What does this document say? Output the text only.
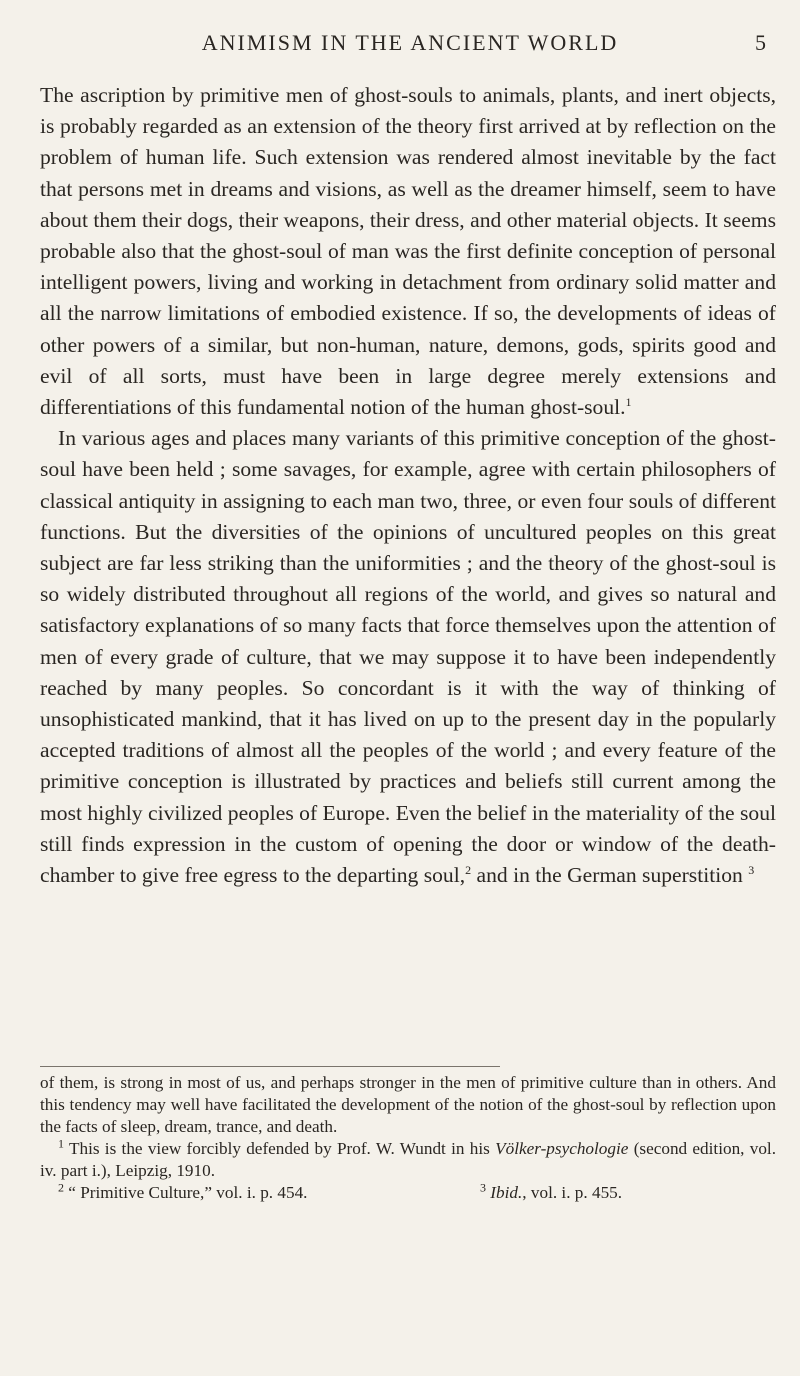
ANIMISM IN THE ANCIENT WORLD	5

The ascription by primitive men of ghost-souls to animals, plants, and inert objects, is probably regarded as an extension of the theory first arrived at by reflection on the problem of human life. Such extension was rendered almost inevitable by the fact that persons met in dreams and visions, as well as the dreamer himself, seem to have about them their dogs, their weapons, their dress, and other material objects. It seems probable also that the ghost-soul of man was the first definite conception of personal intelligent powers, living and working in detachment from ordinary solid matter and all the narrow limitations of embodied existence. If so, the developments of ideas of other powers of a similar, but non-human, nature, demons, gods, spirits good and evil of all sorts, must have been in large degree merely extensions and differentiations of this fundamental notion of the human ghost-soul.$^1$

In various ages and places many variants of this primitive conception of the ghost-soul have been held ; some savages, for example, agree with certain philosophers of classical antiquity in assigning to each man two, three, or even four souls of different functions. But the diversities of the opinions of uncultured peoples on this great subject are far less striking than the uniformities ; and the theory of the ghost-soul is so widely distributed throughout all regions of the world, and gives so natural and satisfactory explanations of so many facts that force themselves upon the attention of men of every grade of culture, that we may suppose it to have been independently reached by many peoples. So concordant is it with the way of thinking of unsophisticated mankind, that it has lived on up to the present day in the popularly accepted traditions of almost all the peoples of the world ; and every feature of the primitive conception is illustrated by practices and beliefs still current among the most highly civilized peoples of Europe. Even the belief in the materiality of the soul still finds expression in the custom of opening the door or window of the death-chamber to give free egress to the departing soul,$^2$ and in the German superstition $^3$

of them, is strong in most of us, and perhaps stronger in the men of primitive culture than in others. And this tendency may well have facilitated the development of the notion of the ghost-soul by reflection upon the facts of sleep, dream, trance, and death.

$^1$ This is the view forcibly defended by Prof. W. Wundt in his Völker-psychologie (second edition, vol. iv. part i.), Leipzig, 1910.

$^2$ “ Primitive Culture,” vol. i. p. 454.	$^3$ Ibid., vol. i. p. 455.
